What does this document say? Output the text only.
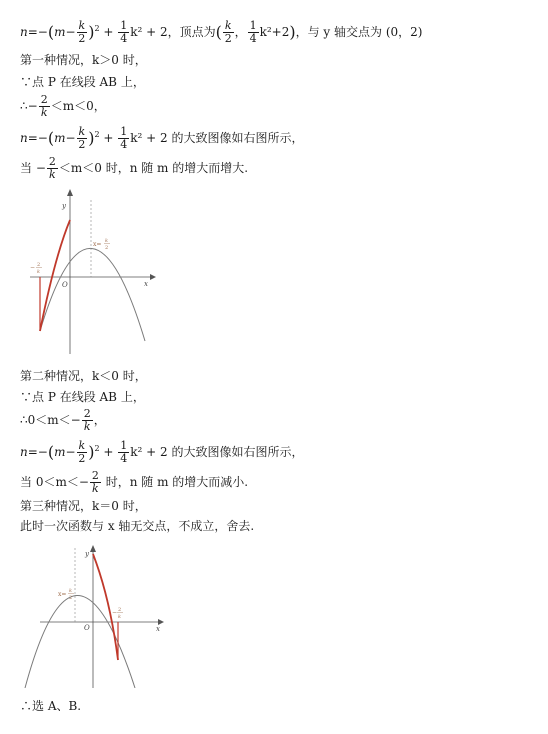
$n=-(m- \frac{k}{2} )^2 + \frac{1}{4} k^2 + 2$，顶点为( $\frac{k}{2}$ ， $\frac{1}{4} k^2+2$)，与 y 轴交点为 (0，2)
第一种情况，k＞0 时，
∵点 P 在线段 AB 上，
∴− $\frac{2}{k} <m<0$，
$n=-(m- \frac{k}{2} )^2 + \frac{1}{4} k^2 + 2$ 的大致图像如右图所示，
当 − $\frac{2}{k} <m<0$ 时，n 随 m 的增大而增大.
x
y
O
x= k
2
− 2
k
第二种情况，k＜0 时，
∵点 P 在线段 AB 上，
∴0＜m＜− $\frac{2}{k}$ ，
$n=-(m- \frac{k}{2} )^2 + \frac{1}{4} k^2 + 2$ 的大致图像如右图所示，
当 $0<m<- \frac{2}{k}$ 时，n 随 m 的增大而减小.
第三种情况，k＝0 时，
此时一次函数与 x 轴无交点，不成立，舍去.
x
y
O
x= k
2
− 2
k
∴选 A、B.
